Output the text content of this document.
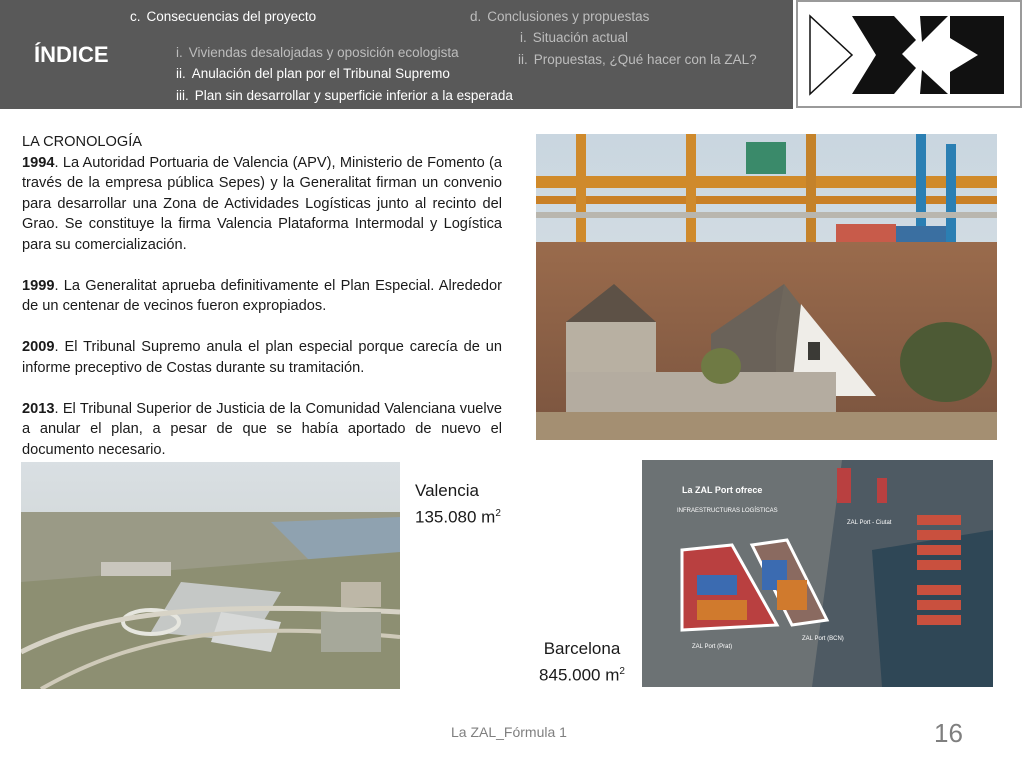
ÍNDICE
c. Consecuencias del proyecto
i. Viviendas desalojadas y oposición ecologista
ii. Anulación del plan por el Tribunal Supremo
iii. Plan sin desarrollar y superficie inferior a la esperada
d. Conclusiones y propuestas
i. Situación actual
ii. Propuestas, ¿Qué hacer con la ZAL?
LA CRONOLOGÍA

1994. La Autoridad Portuaria de Valencia (APV), Ministerio de Fomento (a través de la empresa pública Sepes) y la Generalitat firman un convenio para desarrollar una Zona de Actividades Logísticas junto al recinto del Grao. Se constituye la firma Valencia Plataforma Intermodal y Logística para su comercialización.

1999. La Generalitat aprueba definitivamente el Plan Especial. Alrededor de un centenar de vecinos fueron expropiados.

2009. El Tribunal Supremo anula el plan especial porque carecía de un informe preceptivo de Costas durante su tramitación.

2013. El Tribunal Superior de Justicia de la Comunidad Valenciana vuelve a anular el plan, a pesar de que se había aportado de nuevo el documento necesario.

La ZAL Port ofrece
INFRAESTRUCTURAS LOGÍSTICAS
ZAL Port - Ciutat
ZAL Port (BCN)
ZAL Port (Prat)
Valencia
135.080 $m^2$
Barcelona
845.000 $m^2$
La ZAL_Fórmula 1	16
